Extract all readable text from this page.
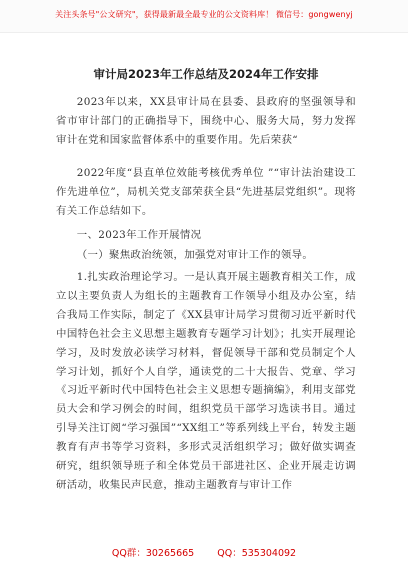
关注头条号"公文研究"，获得最新最全最专业的公文资料库！ 微信号：gongwenyj
审计局2023年工作总结及2024年工作安排
2023年以来，XX县审计局在县委、县政府的坚强领导和省市审计部门的正确指导下，围绕中心、服务大局，努力发挥审计在党和国家监督体系中的重要作用。先后荣获“
2022年度“县直单位效能考核优秀单位 ”“审计法治建设工作先进单位”，局机关党支部荣获全县“先进基层党组织”。现将有关工作总结如下。
一、2023年工作开展情况
（一）聚焦政治统领，加强党对审计工作的领导。
1.扎实政治理论学习。一是认真开展主题教育相关工作，成立以主要负责人为组长的主题教育工作领导小组及办公室，结合我局工作实际，制定了《XX县审计局学习贯彻习近平新时代中国特色社会主义思想主题教育专题学习计划》；扎实开展理论学习，及时发放必读学习材料，督促领导干部和党员制定个人学习计划，抓好个人自学，通读党的二十大报告、党章、学习《习近平新时代中国特色社会主义思想专题摘编》，利用支部党员大会和学习例会的时间，组织党员干部学习选读书目。通过引导关注订阅“学习强国”“XX组工”等系列线上平台，转发主题教育有声书等学习资料，多形式灵活组织学习；做好做实调查研究，组织领导班子和全体党员干部进社区、企业开展走访调研活动，收集民声民意，推动主题教育与审计工作
QQ群：30265665 QQ：535304092
